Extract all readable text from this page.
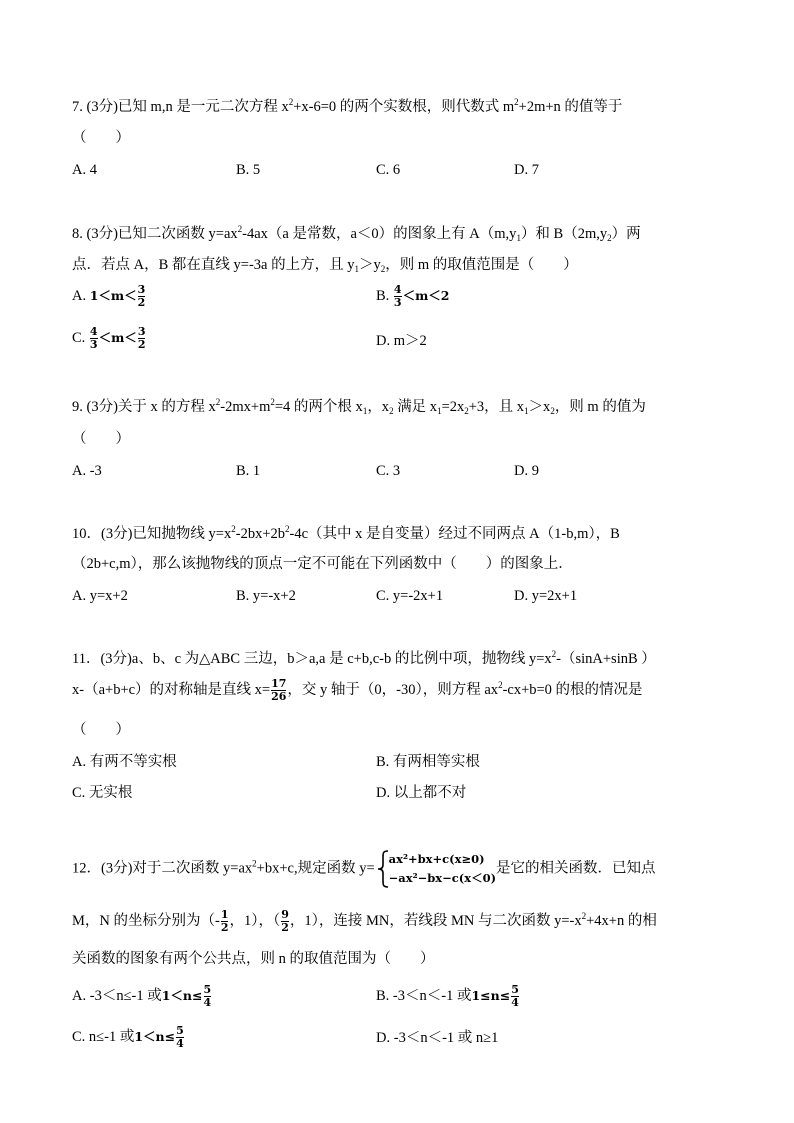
7. (3分)已知 m,n 是一元二次方程 $x^2+x-6=0$ 的两个实数根，则代数式 $m^2+2m+n$ 的值等于
（　　）
A. 4	B. 5	C. 6	D. 7
8. (3分)已知二次函数 $y=ax^2-4ax(a$ 是常数，a＜0）的图象上有 $A(m,y_1)$和 $B(2m,y_2)$两
点．若点 A，B 都在直线 y=-3a 的上方，且 $y_1>y_2$，则 m 的取值范围是（　　）
A. $1<m< \frac{3}{2}$	B. $\frac{4}{3} <m<2$
C. $\frac{4}{3} <m< \frac{3}{2}$	D. m＞2
9. (3分)关于 x 的方程 $x^2-2mx+m^2=4$ 的两个根 $x_1$，$x_2$ 满足 $x_1=2x_2+3$，且 $x_1>x_2$，则 m 的值为
（　　）
A. -3	B. 1	C. 3	D. 9
10．(3分)已知抛物线 $y=x^2-2bx+2b^2-4c$（其中 x 是自变量）经过不同两点 A（1-b,m），B
（2b+c,m），那么该抛物线的顶点一定不可能在下列函数中（　　）的图象上．
A. y=x+2	B. y=-x+2	C. y=-2x+1	D. y=2x+1
11．(3分)a、b、c 为△ABC 三边，b＞a,a 是 c+b,c-b 的比例中项，抛物线 $y=x^2-(\sin A+\sin B$ ）
x-（a+b+c）的对称轴是直线 $x= \frac{17}{26}$ ，交 y 轴于（0，-30），则方程 $ax^2-cx+b=0$ 的根的情况是
（　　）
A. 有两不等实根	B. 有两相等实根
C. 无实根	D. 以上都不对
12．(3分)对于二次函数 $y=ax^2+bx+c$,规定函数 y=
ax²+bx+c(x≥0)
−ax²−bx−c(x＜0)
是它的相关函数．已知点
M，N 的坐标分别为（- $\frac{1}{2}$ ，1），（ $\frac{9}{2}$ ，1），连接 MN，若线段 MN 与二次函数 $y=-x^2+4x+n$ 的相
关函数的图象有两个公共点，则 n 的取值范围为（　　）
A. -3＜n≤-1 或$1<n\le \frac{5}{4}$	B. -3＜n＜-1 或$1\le n\le \frac{5}{4}$
C. n≤-1 或$1<n\le \frac{5}{4}$	D. -3＜n＜-1 或 n≥1
